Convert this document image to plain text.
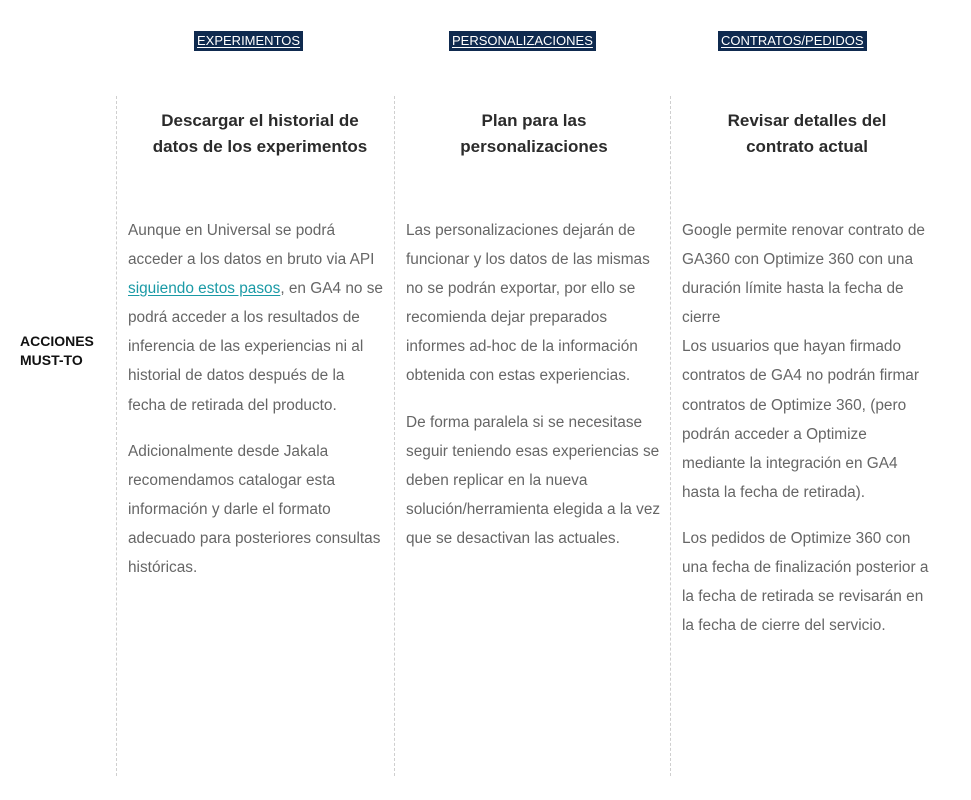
EXPERIMENTOS	PERSONALIZACIONES	CONTRATOS/PEDIDOS
ACCIONES
MUST-TO
Descargar el historial de
datos de los experimentos

Aunque en Universal se podrá acceder a los datos en bruto via API siguiendo estos pasos, en GA4 no se podrá acceder a los resultados de inferencia de las experiencias ni al historial de datos después de la fecha de retirada del producto.

Adicionalmente desde Jakala recomendamos catalogar esta información y darle el formato adecuado para posteriores consultas históricas.

Plan para las
personalizaciones

Las personalizaciones dejarán de funcionar y los datos de las mismas no se podrán exportar, por ello se recomienda dejar preparados informes ad-hoc de la información obtenida con estas experiencias.

De forma paralela si se necesitase seguir teniendo esas experiencias se deben replicar en la nueva solución/herramienta elegida a la vez que se desactivan las actuales.

Revisar detalles del
contrato actual

Google permite renovar contrato de GA360 con Optimize 360 con una duración límite hasta la fecha de cierre

Los usuarios que hayan firmado contratos de GA4 no podrán firmar contratos de Optimize 360, (pero podrán acceder a Optimize mediante la integración en GA4 hasta la fecha de retirada).

Los pedidos de Optimize 360 con una fecha de finalización posterior a la fecha de retirada se revisarán en la fecha de cierre del servicio.
